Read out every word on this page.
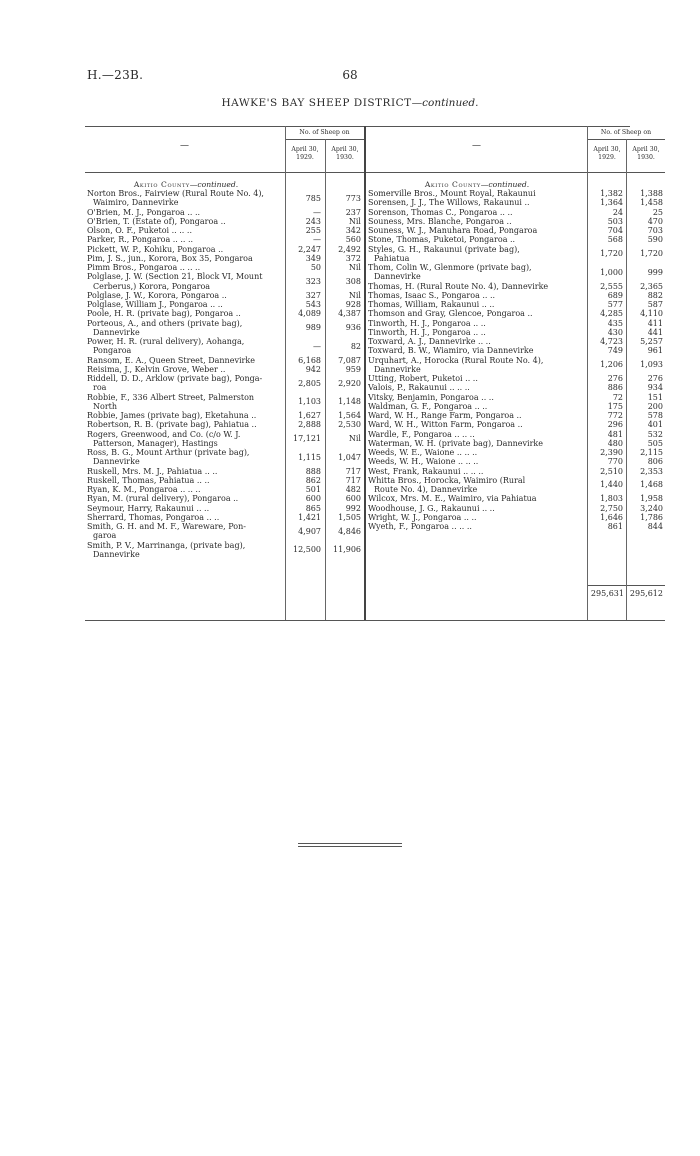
H.—23B.	68
HAWKE'S BAY SHEEP DISTRICT—continued.
—
No. of Sheep on
April 30, 1929.
April 30, 1930.
—
No. of Sheep on
April 30, 1929.
April 30, 1930.
Akitio County—continued.
Norton Bros., Fairview (Rural Route No. 4),
Waimiro, Dannevirke
785	773
O'Brien, M. J., Pongaroa .. ..	—	237
O'Brien, T. (Estate of), Pongaroa ..	243	Nil
Olson, O. F., Puketoi .. .. ..	255	342
Parker, R., Pongaroa .. .. ..	—	560
Pickett, W. P., Kohiku, Pongaroa ..	2,247	2,492
Pim, J. S., jun., Korora, Box 35, Pongaroa	349	372
Pimm Bros., Pongaroa .. .. ..	50	Nil
Polglase, J. W. (Section 21, Block VI, Mount
Cerberus,) Korora, Pongaroa
323	308
Polglase, J. W., Korora, Pongaroa ..	327	Nil
Polglase, William J., Pongaroa .. ..	543	928
Poole, H. R. (private bag), Pongaroa ..	4,089	4,387
Porteous, A., and others (private bag),
Dannevirke
989	936
Power, H. R. (rural delivery), Aohanga,
Pongaroa
—	82
Ransom, E. A., Queen Street, Dannevirke	6,168	7,087
Reisima, J., Kelvin Grove, Weber ..	942	959
Riddell, D. D., Arklow (private bag), Ponga-
roa
2,805	2,920
Robbie, F., 336 Albert Street, Palmerston
North
1,103	1,148
Robbie, James (private bag), Eketahuna ..	1,627	1,564
Robertson, R. B. (private bag), Pahiatua ..	2,888	2,530
Rogers, Greenwood, and Co. (c/o W. J.
Patterson, Manager), Hastings
17,121	Nil
Ross, B. G., Mount Arthur (private bag),
Dannevirke
1,115	1,047
Ruskell, Mrs. M. J., Pahiatua .. ..	888	717
Ruskell, Thomas, Pahiatua .. ..	862	717
Ryan, K. M., Pongaroa .. .. ..	501	482
Ryan, M. (rural delivery), Pongaroa ..	600	600
Seymour, Harry, Rakaunui .. ..	865	992
Sherrard, Thomas, Pongaroa .. ..	1,421	1,505
Smith, G. H. and M. F., Wareware, Pon-
garoa
4,907	4,846
Smith, P. V., Marrinanga, (private bag),
Dannevirke
12,500	11,906
Akitio County—continued.
Somerville Bros., Mount Royal, Rakaunui	1,382	1,388
Sorensen, J. J., The Willows, Rakaunui ..	1,364	1,458
Sorenson, Thomas C., Pongaroa .. ..	24	25
Souness, Mrs. Blanche, Pongaroa ..	503	470
Souness, W. J., Manuhara Road, Pongaroa	704	703
Stone, Thomas, Puketoi, Pongaroa ..	568	590
Styles, G. H., Rakaunui (private bag),
Pahiatua
1,720	1,720
Thom, Colin W., Glenmore (private bag),
Dannevirke
1,000	999
Thomas, H. (Rural Route No. 4), Dannevirke	2,555	2,365
Thomas, Isaac S., Pongaroa .. ..	689	882
Thomas, William, Rakaunui .. ..	577	587
Thomson and Gray, Glencoe, Pongaroa ..	4,285	4,110
Tinworth, H. J., Pongaroa .. ..	435	411
Tinworth, H. J., Pongaroa .. ..	430	441
Toxward, A. J., Dannevirke .. ..	4,723	5,257
Toxward, B. W., Wiamiro, via Dannevirke	749	961
Urquhart, A., Horocka (Rural Route No. 4),
Dannevirke
1,206	1,093
Utting, Robert, Puketoi .. ..	276	276
Valois, P., Rakaunui .. .. ..	886	934
Vitsky, Benjamin, Pongaroa .. ..	72	151
Waldman, G. F., Pongaroa .. ..	175	200
Ward, W. H., Range Farm, Pongaroa ..	772	578
Ward, W. H., Witton Farm, Pongaroa ..	296	401
Wardle, F., Pongaroa .. .. ..	481	532
Waterman, W. H. (private bag), Dannevirke	480	505
Weeds, W. E., Waione .. .. ..	2,390	2,115
Weeds, W. H., Waione .. .. ..	770	806
West, Frank, Rakaunui .. .. ..	2,510	2,353
Whitta Bros., Horocka, Waimiro (Rural
Route No. 4), Dannevirke
1,440	1,468
Wilcox, Mrs. M. E., Waimiro, via Pahiatua	1,803	1,958
Woodhouse, J. G., Rakaunui .. ..	2,750	3,240
Wright, W. J., Pongaroa .. ..	1,646	1,786
Wyeth, F., Pongaroa .. .. ..	861	844
295,631 295,612
